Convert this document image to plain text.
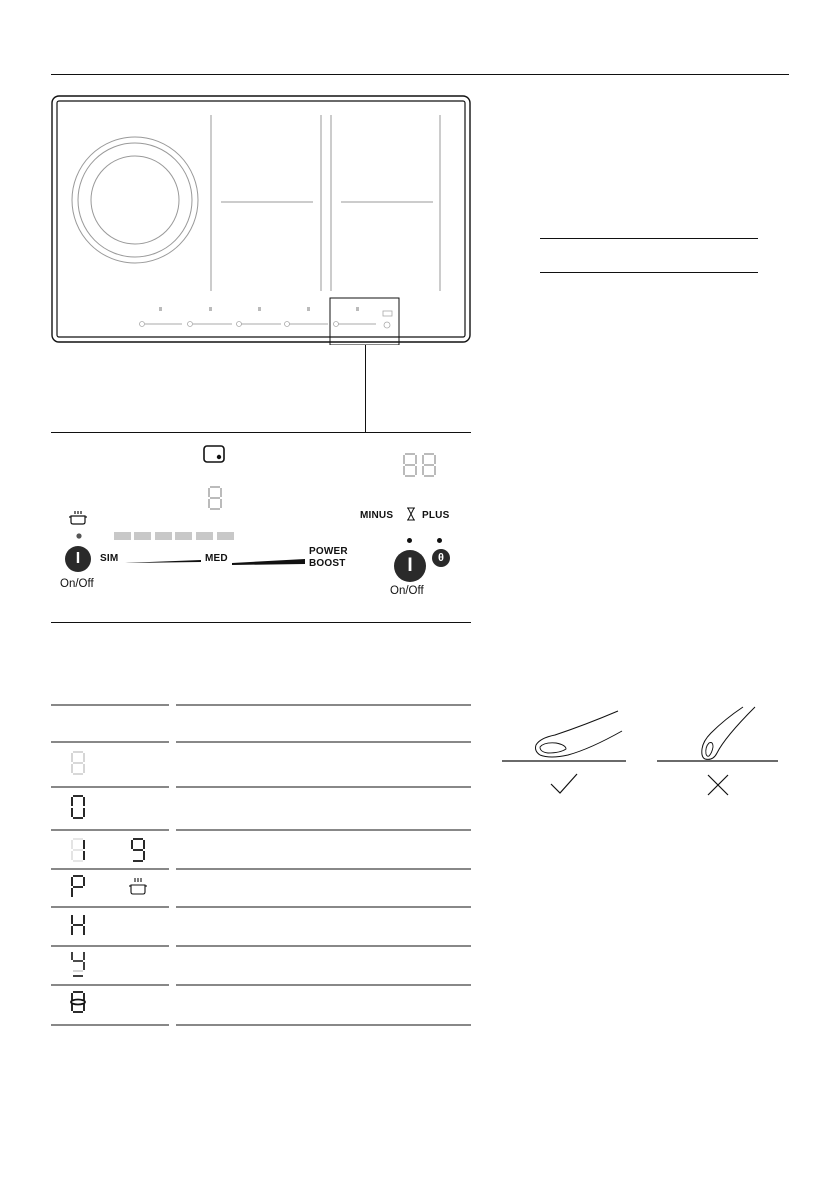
I
On/Off
SIM	MED
POWER
BOOST
MINUS	PLUS
I	θ
On/Off
